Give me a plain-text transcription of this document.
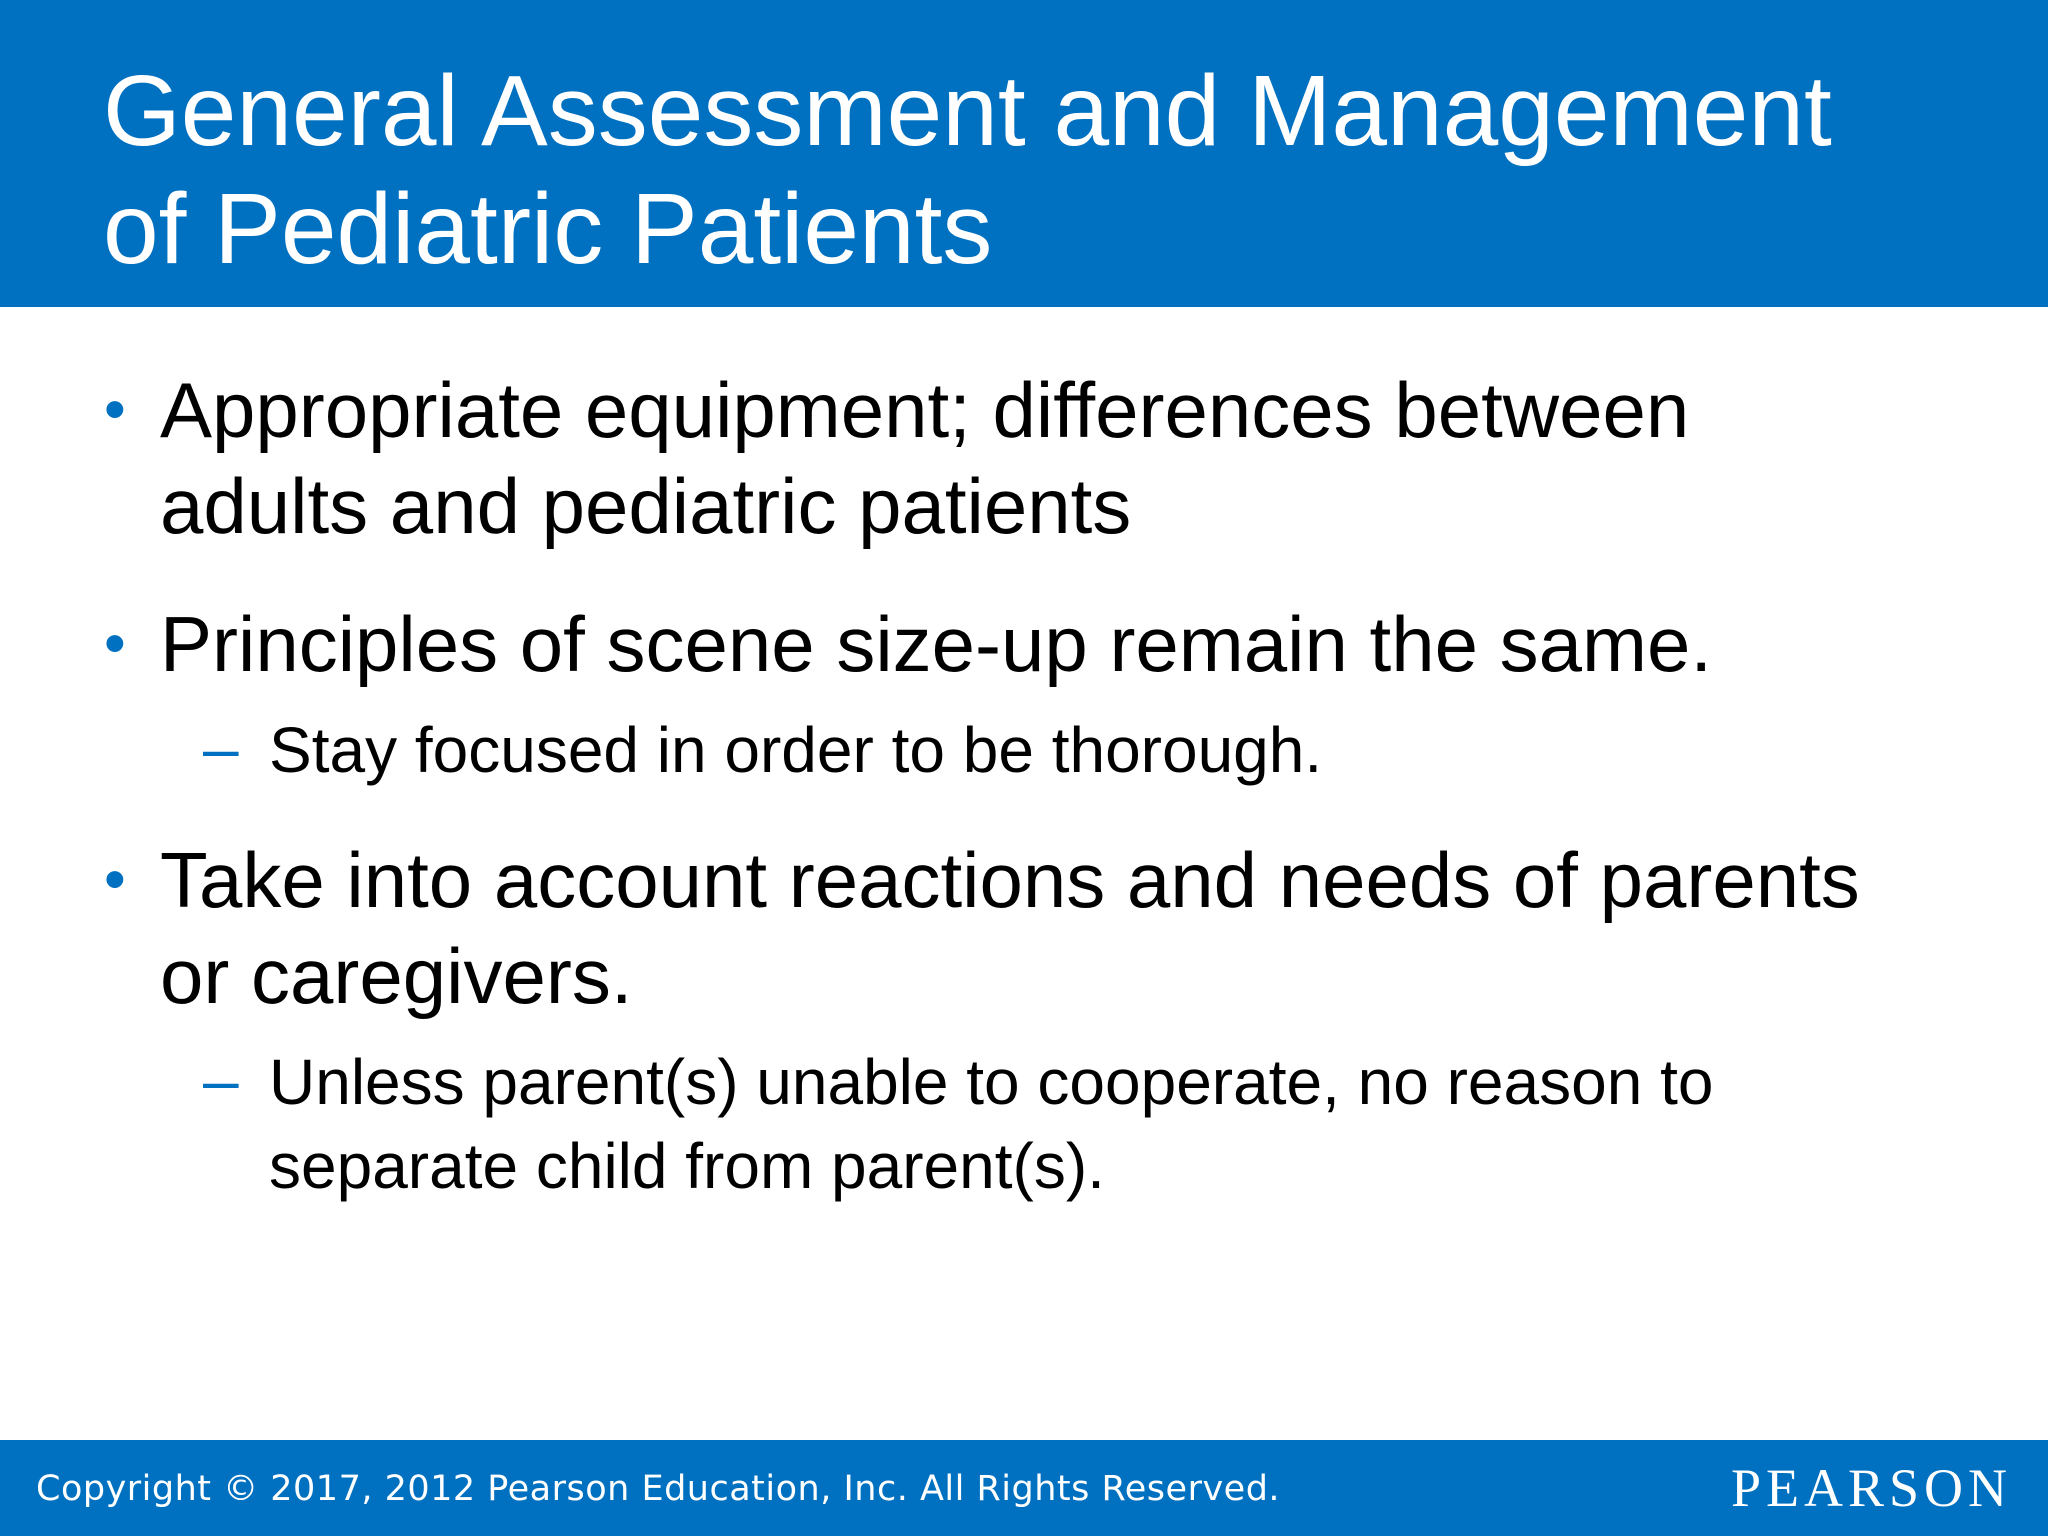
General Assessment and Management
of Pediatric Patients
• Appropriate equipment; differences between
adults and pediatric patients
• Principles of scene size-up remain the same.
– Stay focused in order to be thorough.
• Take into account reactions and needs of parents
or caregivers.
– Unless parent(s) unable to cooperate, no reason to
separate child from parent(s).
Copyright © 2017, 2012 Pearson Education, Inc. All Rights Reserved.	PEARSON
